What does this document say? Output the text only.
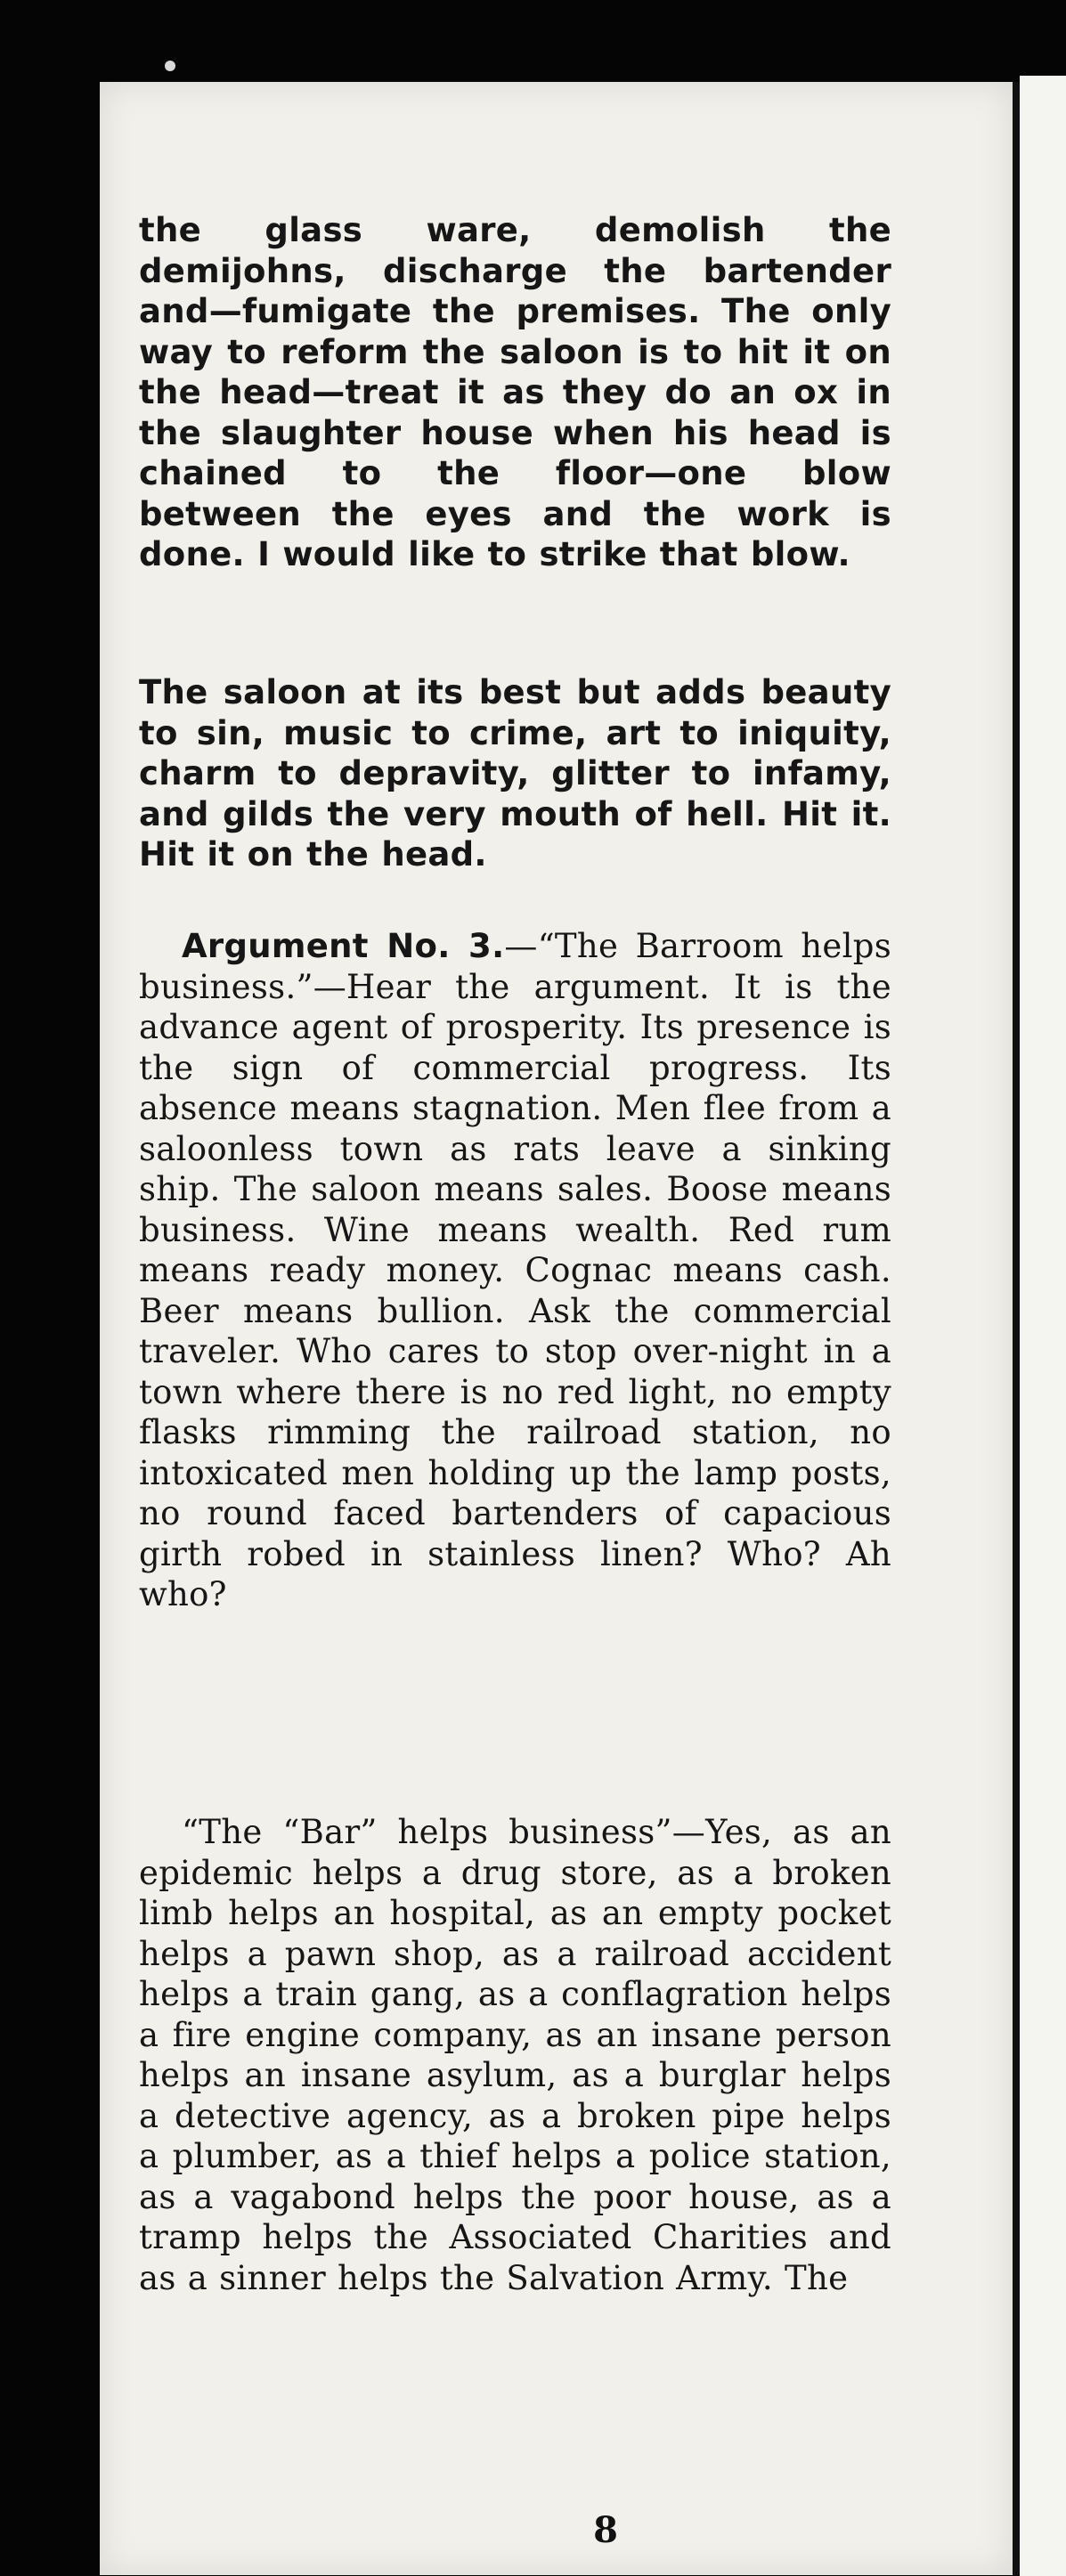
the glass ware, demolish the demijohns, discharge the bartender and—fumigate the premises. The only way to reform the saloon is to hit it on the head—treat it as they do an ox in the slaughter house when his head is chained to the floor—one blow between the eyes and the work is done. I would like to strike that blow.
The saloon at its best but adds beauty to sin, music to crime, art to iniquity, charm to depravity, glitter to infamy, and gilds the very mouth of hell. Hit it. Hit it on the head.
Argument No. 3.—“The Barroom helps business.”—Hear the argument. It is the advance agent of prosperity. Its presence is the sign of commercial progress. Its absence means stagnation. Men flee from a saloonless town as rats leave a sinking ship. The saloon means sales. Boose means business. Wine means wealth. Red rum means ready money. Cognac means cash. Beer means bullion. Ask the commercial traveler. Who cares to stop over-night in a town where there is no red light, no empty flasks rimming the railroad station, no intoxicated men holding up the lamp posts, no round faced bartenders of capacious girth robed in stainless linen? Who? Ah who?
“The “Bar” helps business”—Yes, as an epidemic helps a drug store, as a broken limb helps an hospital, as an empty pocket helps a pawn shop, as a railroad accident helps a train gang, as a conflagration helps a fire engine company, as an insane person helps an insane asylum, as a burglar helps a detective agency, as a broken pipe helps a plumber, as a thief helps a police station, as a vagabond helps the poor house, as a tramp helps the Associated Charities and as a sinner helps the Salvation Army. The
8
